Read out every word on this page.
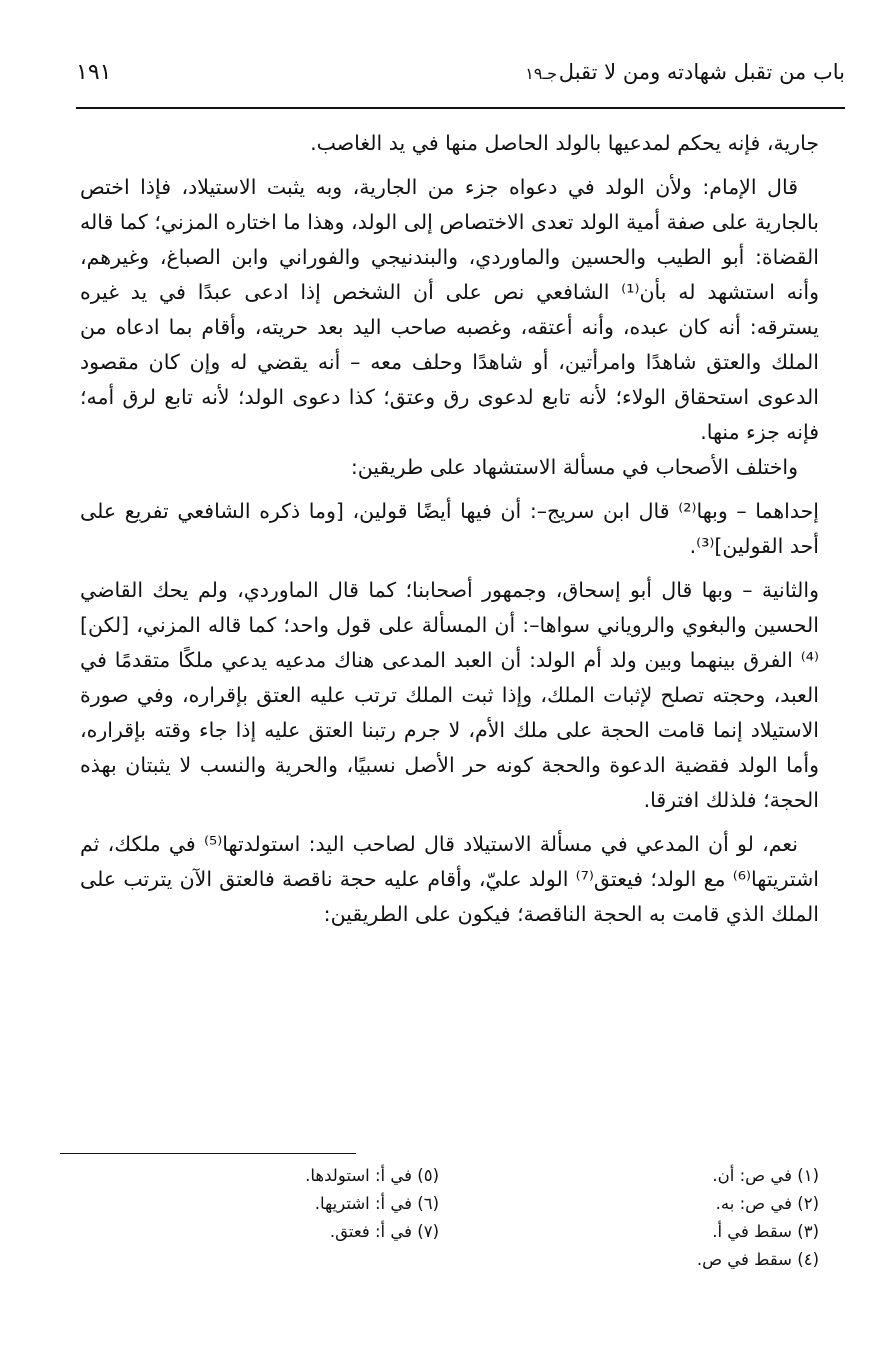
باب من تقبل شهادته ومن لا تقبل
جـ١٩
١٩١

جارية، فإنه يحكم لمدعيها بالولد الحاصل منها في يد الغاصب.

قال الإمام: ولأن الولد في دعواه جزء من الجارية، وبه يثبت الاستيلاد، فإذا اختص بالجارية على صفة أمية الولد تعدى الاختصاص إلى الولد، وهذا ما اختاره المزني؛ كما قاله القضاة: أبو الطيب والحسين والماوردي، والبندنيجي والفوراني وابن الصباغ، وغيرهم، وأنه استشهد له بأن⁽¹⁾ الشافعي نص على أن الشخص إذا ادعى عبدًا في يد غيره يسترقه: أنه كان عبده، وأنه أعتقه، وغصبه صاحب اليد بعد حريته، وأقام بما ادعاه من الملك والعتق شاهدًا وامرأتين، أو شاهدًا وحلف معه – أنه يقضي له وإن كان مقصود الدعوى استحقاق الولاء؛ لأنه تابع لدعوى رق وعتق؛ كذا دعوى الولد؛ لأنه تابع لرق أمه؛ فإنه جزء منها.

واختلف الأصحاب في مسألة الاستشهاد على طريقين:

إحداهما – وبها⁽²⁾ قال ابن سريج–: أن فيها أيضًا قولين، [وما ذكره الشافعي تفريع على أحد القولين]⁽³⁾.

والثانية – وبها قال أبو إسحاق، وجمهور أصحابنا؛ كما قال الماوردي، ولم يحك القاضي الحسين والبغوي والروياني سواها–: أن المسألة على قول واحد؛ كما قاله المزني، [لكن]⁽⁴⁾ الفرق بينهما وبين ولد أم الولد: أن العبد المدعى هناك مدعيه يدعي ملكًا متقدمًا في العبد، وحجته تصلح لإثبات الملك، وإذا ثبت الملك ترتب عليه العتق بإقراره، وفي صورة الاستيلاد إنما قامت الحجة على ملك الأم، لا جرم رتبنا العتق عليه إذا جاء وقته بإقراره، وأما الولد فقضية الدعوة والحجة كونه حر الأصل نسبيًا، والحرية والنسب لا يثبتان بهذه الحجة؛ فلذلك افترقا.

نعم، لو أن المدعي في مسألة الاستيلاد قال لصاحب اليد: استولدتها⁽⁵⁾ في ملكك، ثم اشتريتها⁽⁶⁾ مع الولد؛ فيعتق⁽⁷⁾ الولد عليّ، وأقام عليه حجة ناقصة فالعتق الآن يترتب على الملك الذي قامت به الحجة الناقصة؛ فيكون على الطريقين:

(١) في ص: أن.
(٢) في ص: به.
(٣) سقط في أ.
(٤) سقط في ص.
(٥) في أ: استولدها.
(٦) في أ: اشتريها.
(٧) في أ: فعتق.
